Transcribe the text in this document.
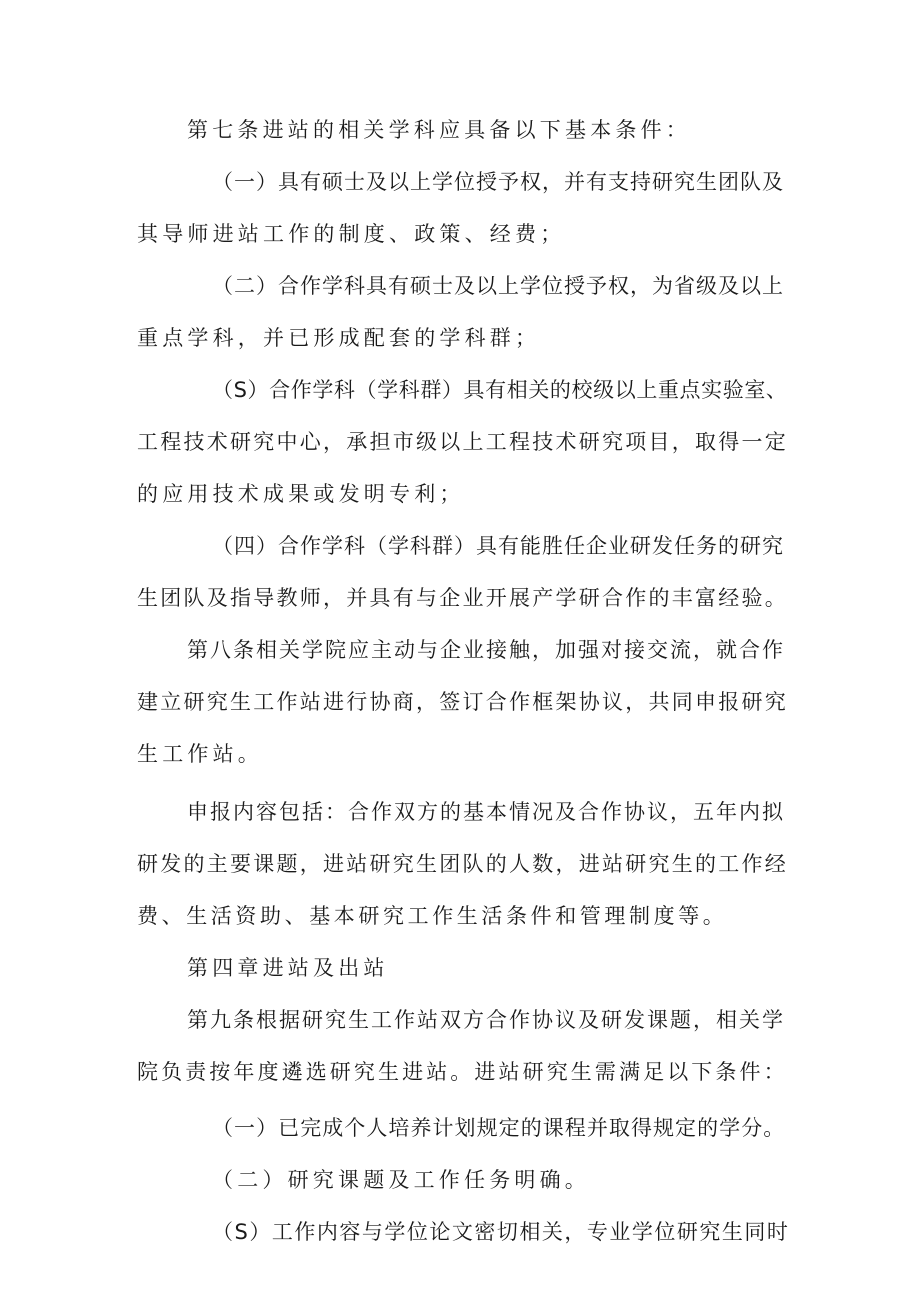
第七条进站的相关学科应具备以下基本条件：
（一）具有硕士及以上学位授予权，并有支持研究生团队及
其导师进站工作的制度、政策、经费；
（二）合作学科具有硕士及以上学位授予权，为省级及以上
重点学科，并已形成配套的学科群；
（S）合作学科（学科群）具有相关的校级以上重点实验室、
工程技术研究中心，承担市级以上工程技术研究项目，取得一定
的应用技术成果或发明专利；
（四）合作学科（学科群）具有能胜任企业研发任务的研究
生团队及指导教师，并具有与企业开展产学研合作的丰富经验。
第八条相关学院应主动与企业接触，加强对接交流，就合作
建立研究生工作站进行协商，签订合作框架协议，共同申报研究
生工作站。
申报内容包括：合作双方的基本情况及合作协议，五年内拟
研发的主要课题，进站研究生团队的人数，进站研究生的工作经
费、生活资助、基本研究工作生活条件和管理制度等。
第四章进站及出站
第九条根据研究生工作站双方合作协议及研发课题，相关学
院负责按年度遴选研究生进站。进站研究生需满足以下条件：
（一）已完成个人培养计划规定的课程并取得规定的学分。
（二）研究课题及工作任务明确。
（S）工作内容与学位论文密切相关，专业学位研究生同时
